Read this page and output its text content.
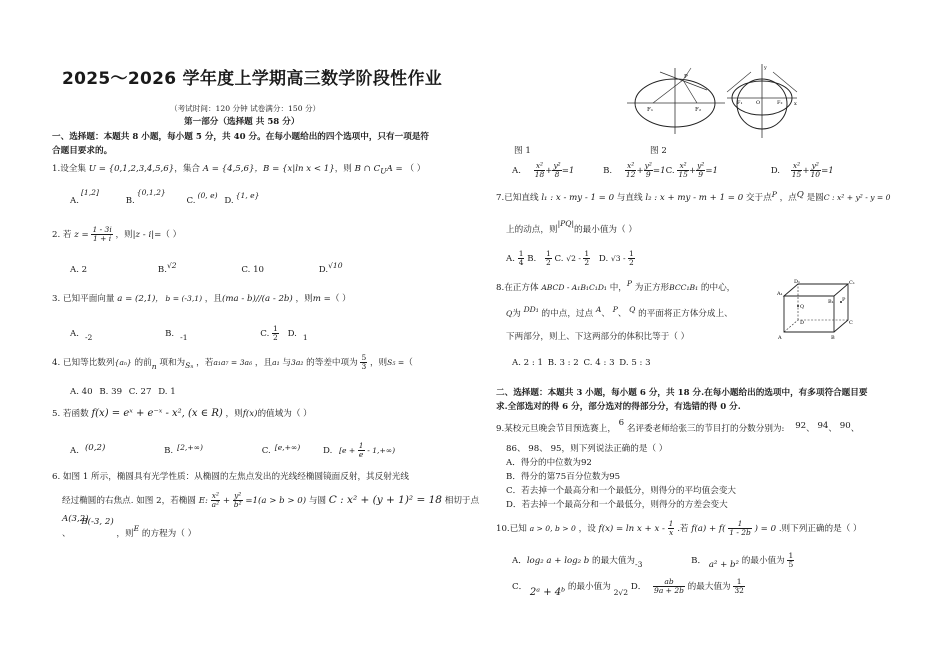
2025～2026 学年度上学期高三数学阶段性作业
（考试时间：120 分钟 试卷满分：150 分）
第一部分（选择题 共 58 分）
一、选择题：本题共 8 小题，每小题 5 分，共 40 分。在每小题给出的四个选项中，只有一项是符
合题目要求的。
1.设全集 U = {0,1,2,3,4,5,6}，集合 A = {4,5,6}，B = {x|ln x < 1}，则 B ∩ $C_UA$ = （ ）
A.[1,2] B.{0,1,2} C.(0, e) D.{1, e}
2. 若 $z = \frac{1 - 3i}{1 + i}$ ，则|z - i|=（ ）
A. 2	B.√2	C. 10	D.√10
3. 已知平面向量 a = (2,1)， b = (-3,1) ，且(ma - b)//(a - 2b) ，则m =（ ）
A. -2	B. -1	C. $\frac{1}{2} D$. 1
4. 已知等比数列{aₙ} 的前n 项和为Sₙ ，若a₁a₇ = 3a₆ ，且a₁ 与3a₂ 的等差中项为 $\frac{5}{3}$ ，则S₅ =（
A. 40 B. 39 C. 27 D. 1
5. 若函数 f(x) = eˣ + e⁻ˣ - x², (x ∈ R) ，则f(x)的值域为（ ）
A. (0,2)	B. [2,+∞)	C. [e,+∞)	D. $[e + \frac{1}{e} - 1,+\infty)$
6. 如图 1 所示，椭圆具有光学性质：从椭圆的左焦点发出的光线经椭圆镜面反射，其反射光线
经过椭圆的右焦点. 如图 2，若椭圆 E: $\frac{\text{x²}}{\text{a²}} + \frac{\text{y²}}{\text{b²}} =1(a > b > 0)$ 与圆 C : x² + (y + 1)² = 18 相切于点
A(3,2)
、 B(-3, 2) ，则E 的方程为（ ）
F₁	F₂
P
y
x
F₁	F₂
O
图 1	图 2
A. $\frac{\text{x²}}{18} + \frac{\text{y²}}{8} =1$	B. $\frac{\text{x²}}{12} + \frac{\text{y²}}{9} =1C$. $\frac{\text{x²}}{15} + \frac{\text{y²}}{9} =1$	D. $\frac{\text{x²}}{15} + \frac{\text{y²}}{10} =1$
7.已知直线 l₁ : x - my - 1 = 0 与直线 l₂ : x + my - m + 1 = 0 交于点P ，点Q 是圆C : x² + y² - y = 0
上的动点，则|PQ|的最小值为（ ）
A. $\frac{1}{4} B$. $\frac{1}{2} C$. $√2 - \frac{1}{2} D$. $√3 - \frac{1}{2}$
8.在正方体 ABCD - A₁B₁C₁D₁ 中，P 为正方形BCC₁B₁ 的中心，
Q为 DD₁ 的中点，过点 A、 P、 Q 的平面将正方体分成上、
下两部分，则上、下这两部分的体积比等于（ ）
A. 2 : 1 B. 3 : 2 C. 4 : 3 D. 5 : 3
A	B
C
D
A₁
B₁
C₁
D₁
P
Q
二、选择题：本题共 3 小题，每小题 6 分，共 18 分.在每小题给出的选项中，有多项符合题目要
求.全部选对的得 6 分，部分选对的得部分分，有选错的得 0 分.
9.某校元旦晚会节目预选赛上， 6 名评委老师给张三的节目打的分数分别为: 92、 94、 90、
86、 98、 95，则下列说法正确的是（ ）
A．得分的中位数为92
B．得分的第75百分位数为95
C．若去掉一个最高分和一个最低分，则得分的平均值会变大
D．若去掉一个最高分和一个最低分，则得分的方差会变大
10.已知 a > 0, b > 0 ，设 $f(x) = \ln x + x - \frac{1}{x}$ .若 $f(a) + f( \frac{1}{1 - 2b}$ ) = 0 .则下列正确的是（ ）
A．log₂ a + log₂ b 的最大值为-3	B． a² + b² 的最小值为 $\frac{1}{5}$
C． 2ᵃ + 4ᵇ 的最小值为 2√2 D． $\frac{ab}{9a + 2b}$ 的最大值为 $\frac{1}{32}$
